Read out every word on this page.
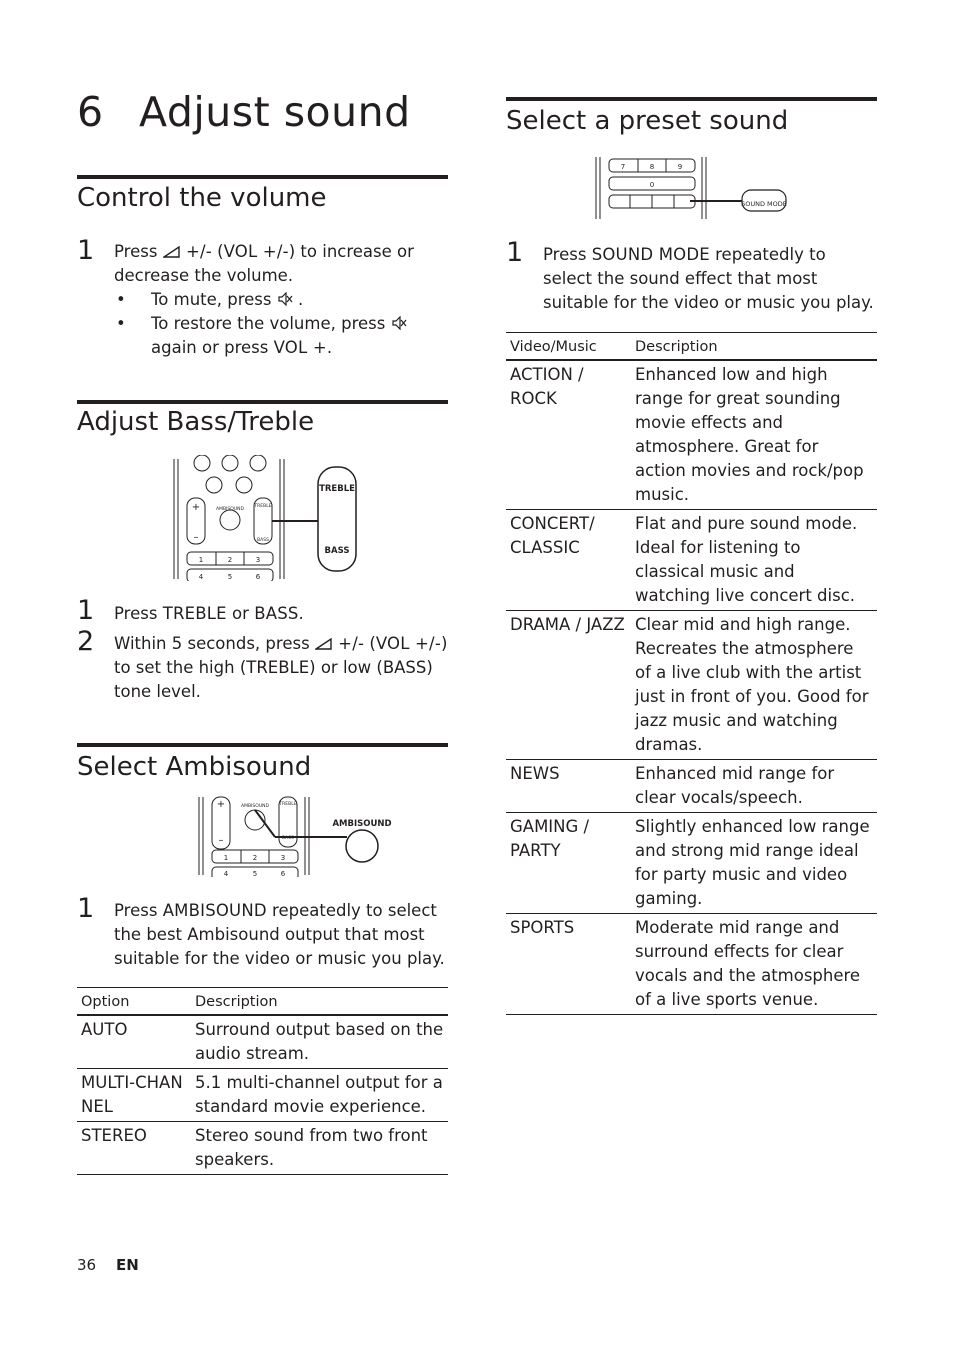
6 Adjust sound
Control the volume
1 Press +/- (VOL +/-) to increase or decrease the volume.
• To mute, press .
• To restore the volume, press  again or press VOL +.
Adjust Bass/Treble
+
–
AMBISOUND
TREBLE
BASS
1	2	3
4	5	6
TREBLE
BASS
1 Press TREBLE or BASS.
2 Within 5 seconds, press +/- (VOL +/-) to set the high (TREBLE) or low (BASS) tone level.
Select Ambisound
+
–
AMBISOUND TREBLE
BASS
1	2	3
4	5	6
AMBISOUND
1 Press AMBISOUND repeatedly to select the best Ambisound output that most suitable for the video or music you play.
Option	Description
AUTO	Surround output based on the audio stream.
MULTI-CHANNEL	5.1 multi-channel output for a standard movie experience.
STEREO	Stereo sound from two front speakers.
Select a preset sound
7	8	9
0
SOUND MODE
1 Press SOUND MODE repeatedly to select the sound effect that most suitable for the video or music you play.
Video/Music	Description
ACTION / ROCK	Enhanced low and high range for great sounding movie effects and atmosphere. Great for action movies and rock/pop music.
CONCERT/ CLASSIC	Flat and pure sound mode. Ideal for listening to classical music and watching live concert disc.
DRAMA / JAZZ	Clear mid and high range. Recreates the atmosphere of a live club with the artist just in front of you. Good for jazz music and watching dramas.
NEWS	Enhanced mid range for clear vocals/speech.
GAMING / PARTY	Slightly enhanced low range and strong mid range ideal for party music and video gaming.
SPORTS	Moderate mid range and surround effects for clear vocals and the atmosphere of a live sports venue.
36 EN
